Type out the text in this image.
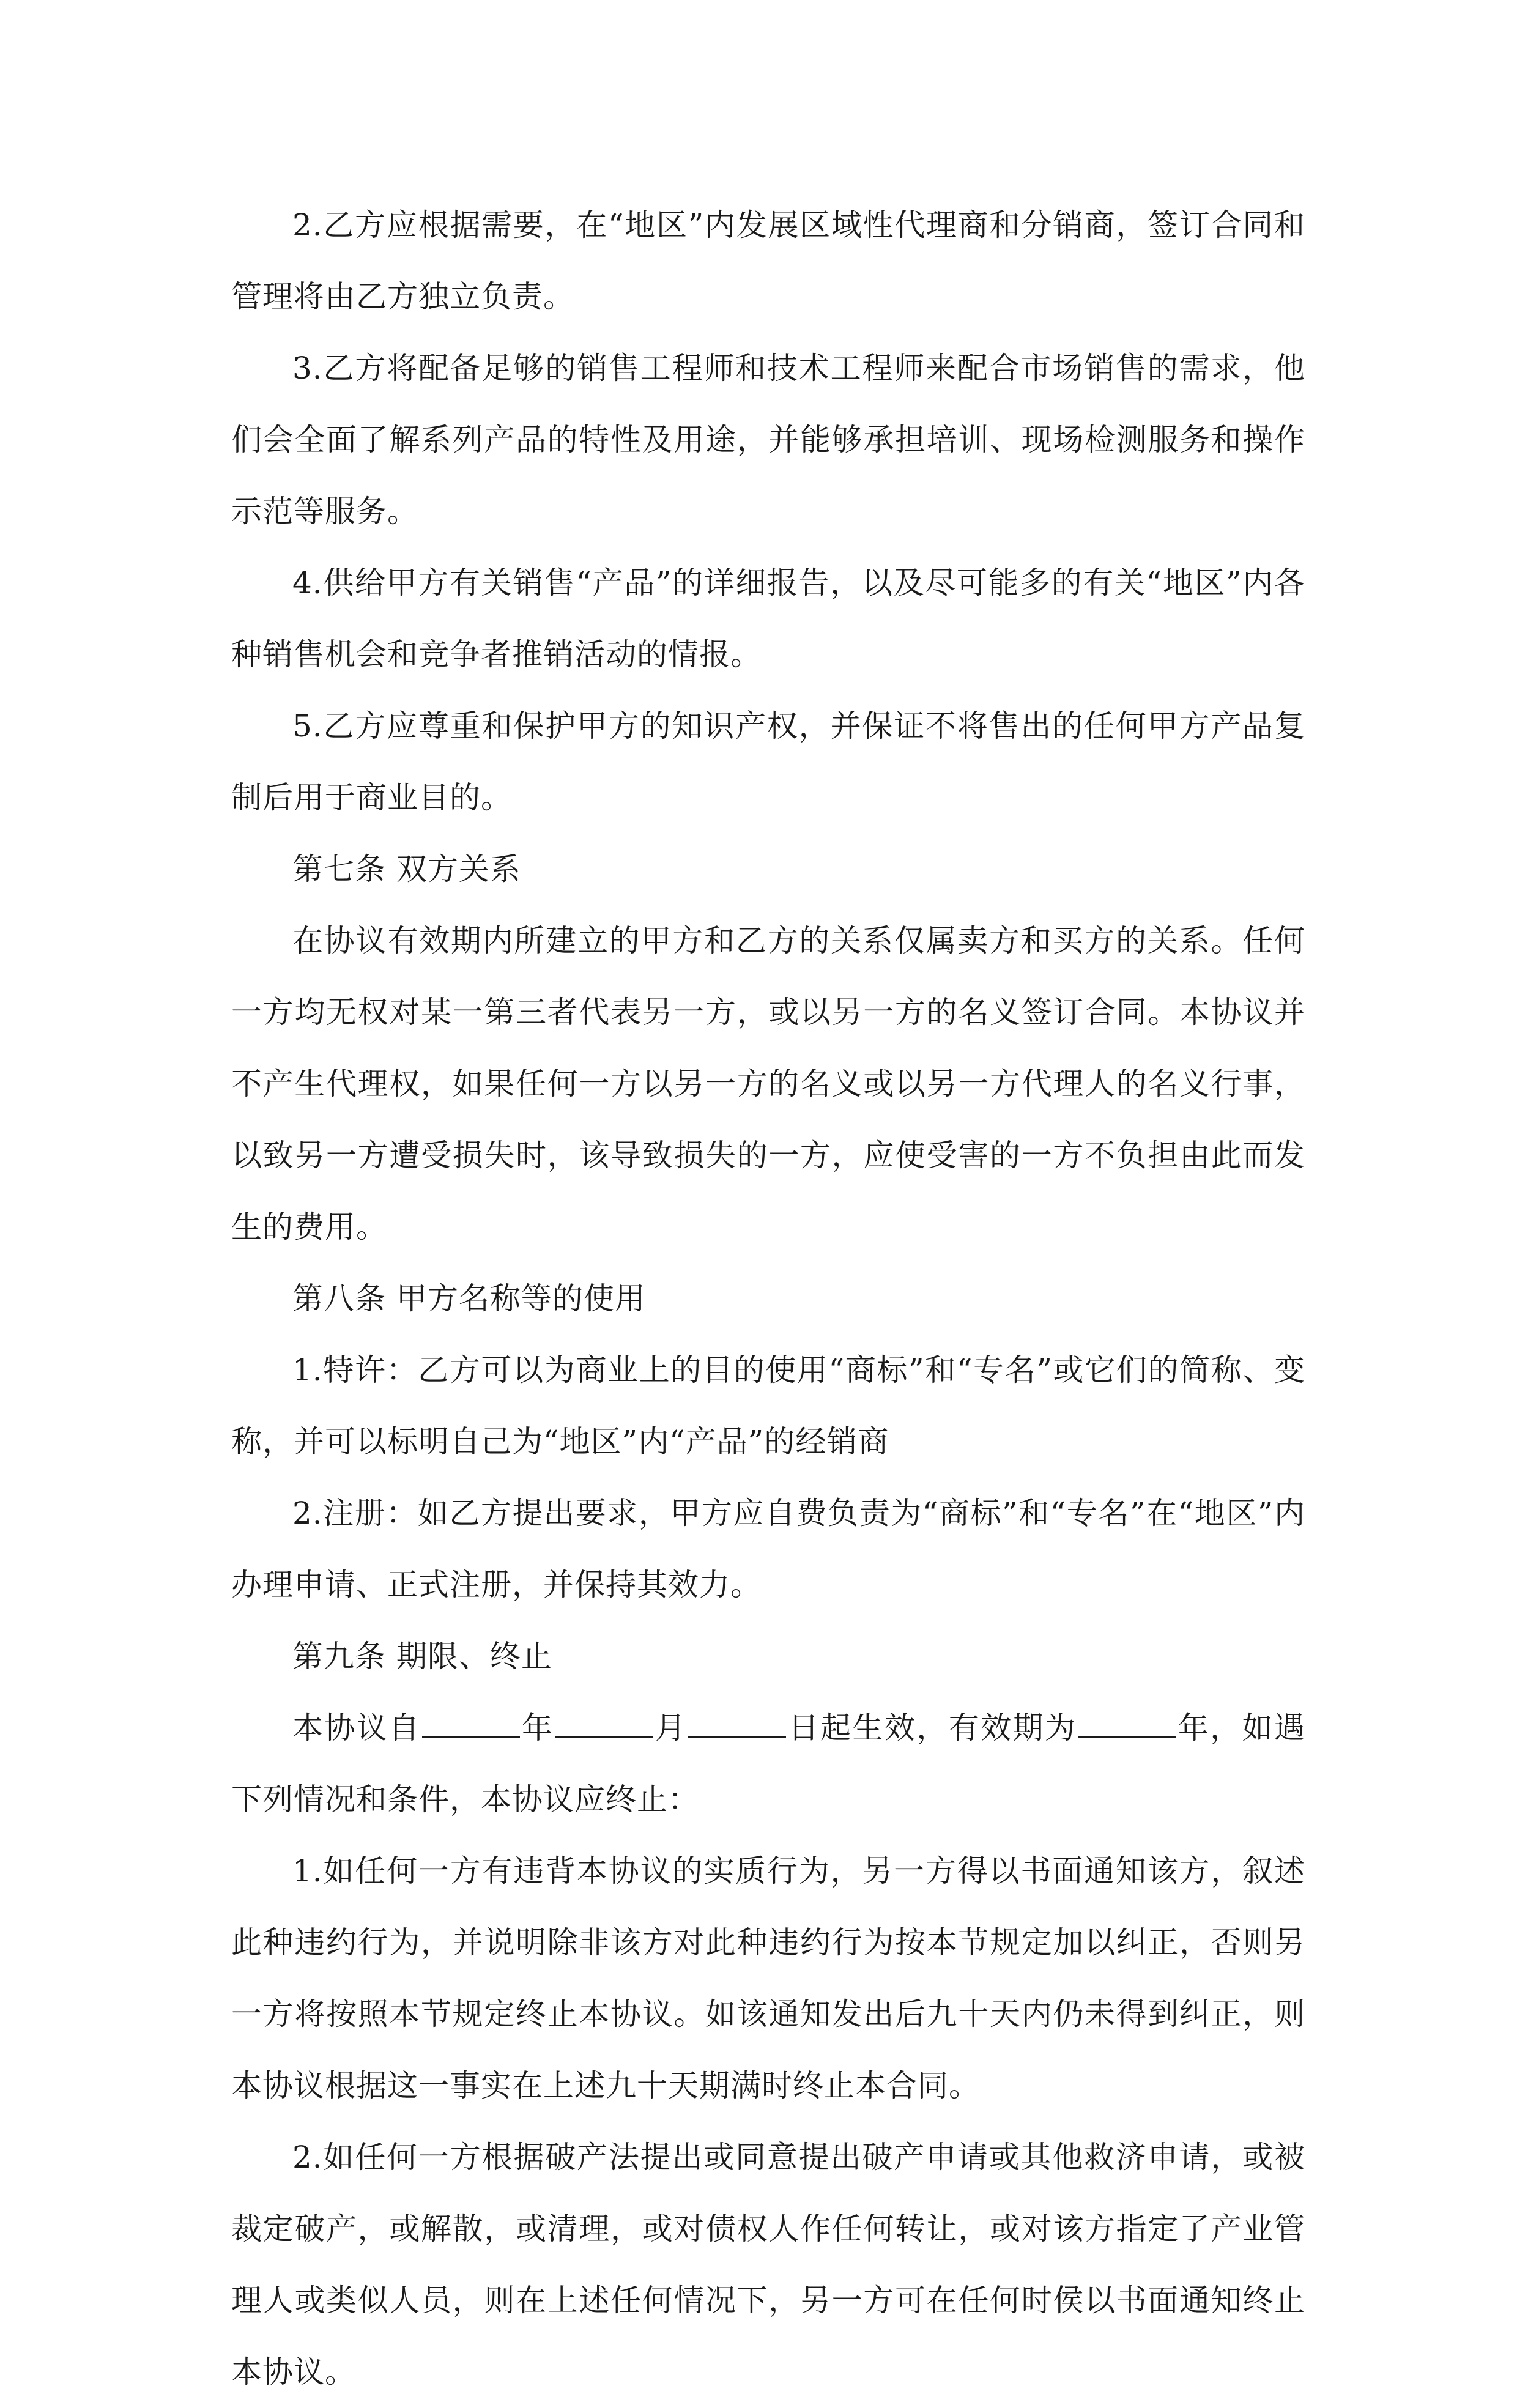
2.乙方应根据需要，在“地区”内发展区域性代理商和分销商，签订合同和管理将由乙方独立负责。

3.乙方将配备足够的销售工程师和技术工程师来配合市场销售的需求，他们会全面了解系列产品的特性及用途，并能够承担培训、现场检测服务和操作示范等服务。

4.供给甲方有关销售“产品”的详细报告，以及尽可能多的有关“地区”内各种销售机会和竞争者推销活动的情报。

5.乙方应尊重和保护甲方的知识产权，并保证不将售出的任何甲方产品复制后用于商业目的。

第七条 双方关系

在协议有效期内所建立的甲方和乙方的关系仅属卖方和买方的关系。任何一方均无权对某一第三者代表另一方，或以另一方的名义签订合同。本协议并不产生代理权，如果任何一方以另一方的名义或以另一方代理人的名义行事，以致另一方遭受损失时，该导致损失的一方，应使受害的一方不负担由此而发生的费用。

第八条 甲方名称等的使用

1.特许：乙方可以为商业上的目的使用“商标”和“专名”或它们的简称、变称，并可以标明自己为“地区”内“产品”的经销商

2.注册：如乙方提出要求，甲方应自费负责为“商标”和“专名”在“地区”内办理申请、正式注册，并保持其效力。

第九条 期限、终止

本协议自	年	月	日起生效，有效期为	年，如遇下列情况和条件，本协议应终止：

1.如任何一方有违背本协议的实质行为，另一方得以书面通知该方，叙述此种违约行为，并说明除非该方对此种违约行为按本节规定加以纠正，否则另一方将按照本节规定终止本协议。如该通知发出后九十天内仍未得到纠正，则本协议根据这一事实在上述九十天期满时终止本合同。

2.如任何一方根据破产法提出或同意提出破产申请或其他救济申请，或被裁定破产，或解散，或清理，或对债权人作任何转让，或对该方指定了产业管理人或类似人员，则在上述任何情况下，另一方可在任何时侯以书面通知终止本协议。
